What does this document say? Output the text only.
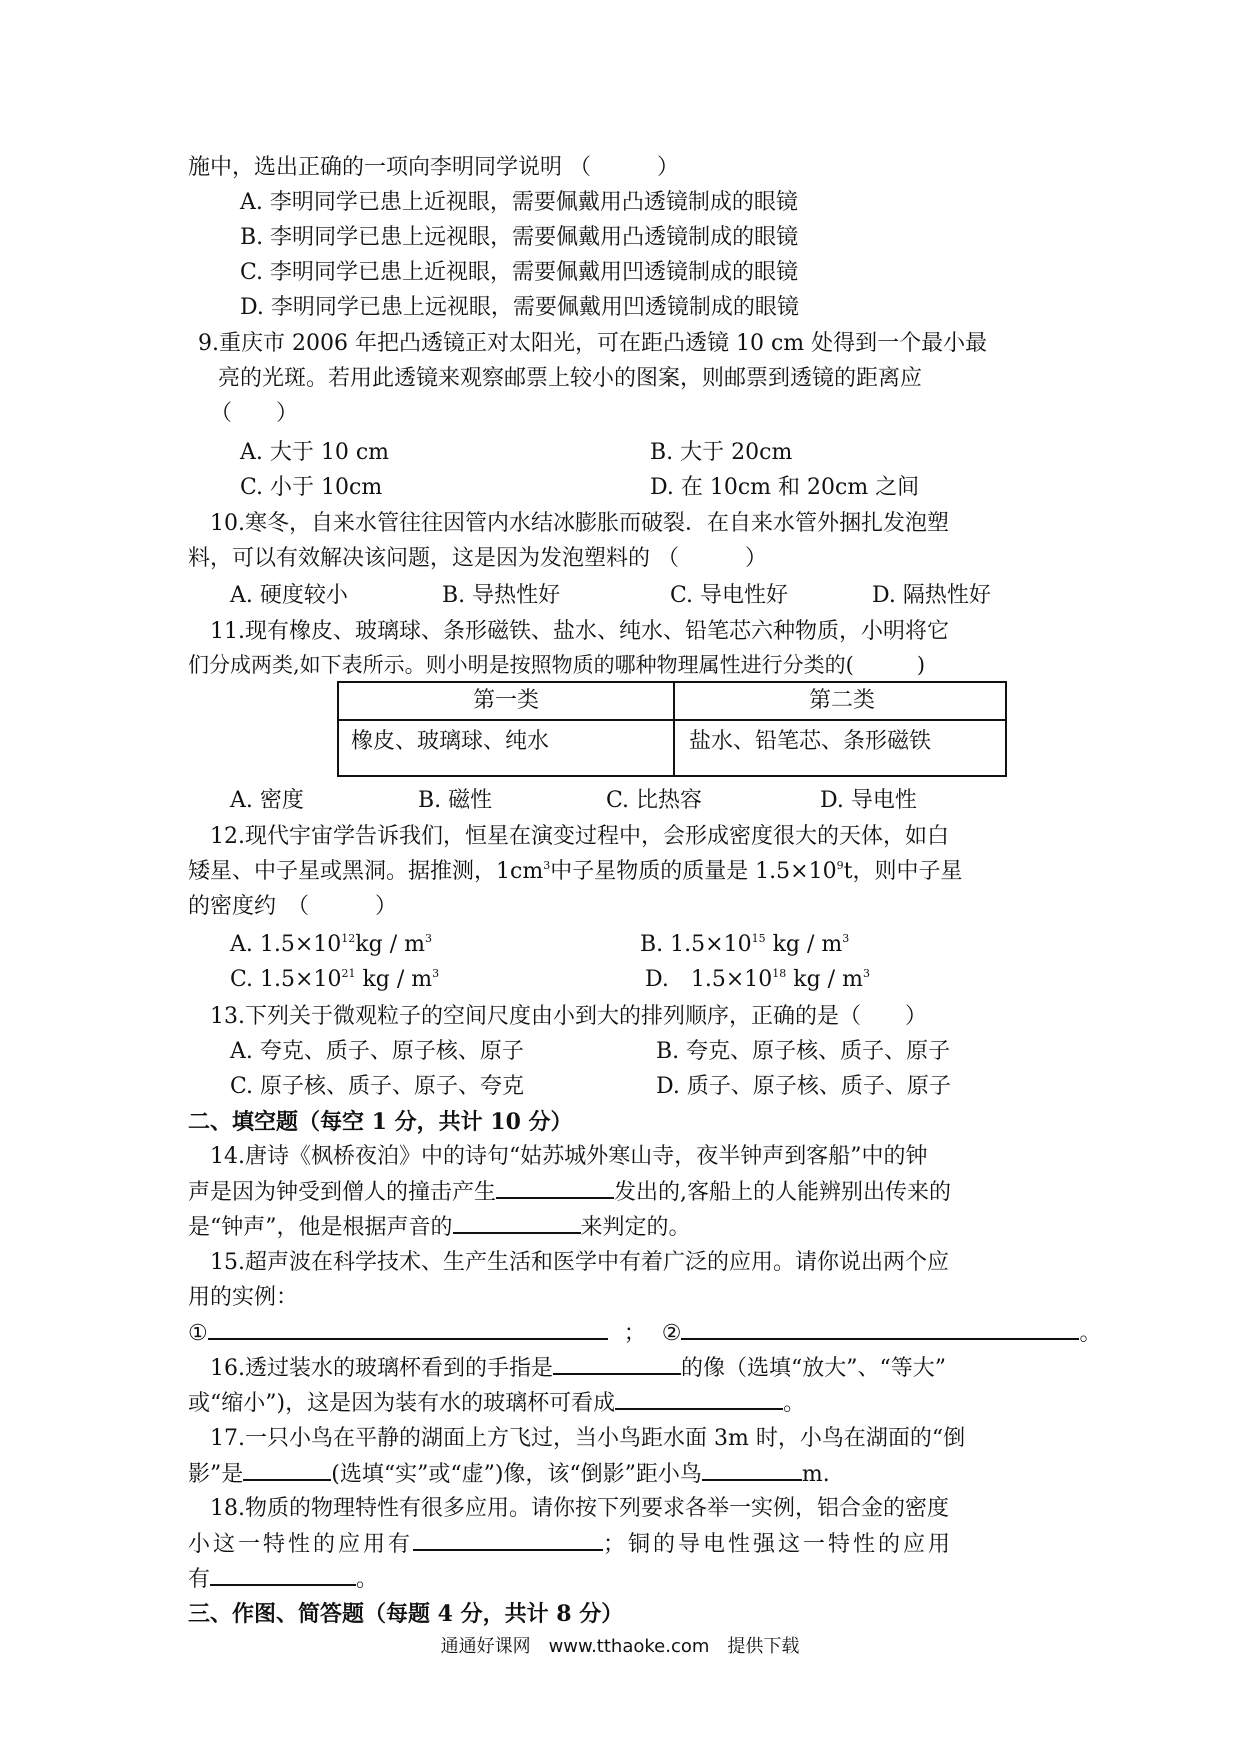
施中，选出正确的一项向李明同学说明 （　　　）
A. 李明同学已患上近视眼，需要佩戴用凸透镜制成的眼镜
B. 李明同学已患上远视眼，需要佩戴用凸透镜制成的眼镜
C. 李明同学已患上近视眼，需要佩戴用凹透镜制成的眼镜
D. 李明同学已患上远视眼，需要佩戴用凹透镜制成的眼镜
9.重庆市 2006 年把凸透镜正对太阳光，可在距凸透镜 10 cm 处得到一个最小最
亮的光斑。若用此透镜来观察邮票上较小的图案，则邮票到透镜的距离应
（　　）
A. 大于 10 cm	B. 大于 20cm
C. 小于 10cm	D. 在 10cm 和 20cm 之间
10.寒冬，自来水管往往因管内水结冰膨胀而破裂．在自来水管外捆扎发泡塑
料，可以有效解决该问题，这是因为发泡塑料的 （　　　）
A. 硬度较小	B. 导热性好	C. 导电性好	D. 隔热性好
11.现有橡皮、玻璃球、条形磁铁、盐水、纯水、铅笔芯六种物质，小明将它
们分成两类,如下表所示。则小明是按照物质的哪种物理属性进行分类的(　　　)
第一类	第二类
橡皮、玻璃球、纯水	盐水、铅笔芯、条形磁铁
A. 密度	B. 磁性	C. 比热容	D. 导电性
12.现代宇宙学告诉我们，恒星在演变过程中，会形成密度很大的天体，如白
矮星、中子星或黑洞。据推测，$1cm^3$中子星物质的质量是 $1.5\times 10^9t$，则中子星
的密度约　（　　　）
A. $1.5\times 10^{12}kg / m^3$	B. $1.5\times 10^{15}$ kg / $m^3$
C. $1.5\times 10^{21}$ kg / $m^3$	D.　$1.5\times 10^{18}$ kg / $m^3$
13.下列关于微观粒子的空间尺度由小到大的排列顺序，正确的是（　　）
A. 夸克、质子、原子核、原子	B. 夸克、原子核、质子、原子
C. 原子核、质子、原子、夸克	D. 质子、原子核、质子、原子
二、填空题（每空 1 分，共计 10 分）
14.唐诗《枫桥夜泊》中的诗句“姑苏城外寒山寺，夜半钟声到客船”中的钟
声是因为钟受到僧人的撞击产生	发出的,客船上的人能辨别出传来的
是“钟声”，他是根据声音的	来判定的。
15.超声波在科学技术、生产生活和医学中有着广泛的应用。请你说出两个应
用的实例：
①	； ②	。
16.透过装水的玻璃杯看到的手指是	的像（选填“放大”、“等大”
或“缩小”)，这是因为装有水的玻璃杯可看成	。
17.一只小鸟在平静的湖面上方飞过，当小鸟距水面 3m 时，小鸟在湖面的“倒
影”是	(选填“实”或“虚”)像，该“倒影”距小鸟	m.
18.物质的物理特性有很多应用。请你按下列要求各举一实例，铝合金的密度
小这一特性的应用有	；铜的导电性强这一特性的应用
有	。
三、作图、简答题（每题 4 分，共计 8 分）
通通好课网　www.tthaoke.com　提供下载
